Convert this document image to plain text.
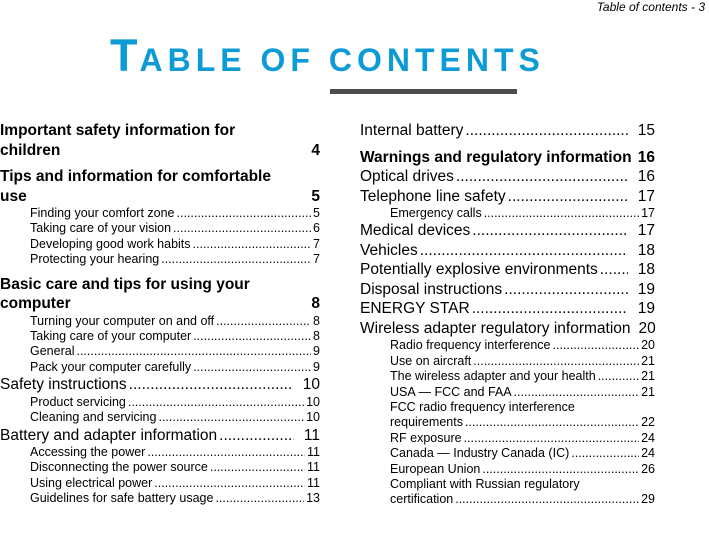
Table of contents - 3
TABLE OF CONTENTS
Important safety information for
children	4
Tips and information for comfortable
use	5
Finding your comfort zone .....	5
Taking care of your vision .....	6
Developing good work habits .....	7
Protecting your hearing .....	7
Basic care and tips for using your
computer	8
Turning your computer on and off .....	8
Taking care of your computer .....	8
General .....	9
Pack your computer carefully .....	9
Safety instructions .....	10
Product servicing .....	10
Cleaning and servicing .....	10
Battery and adapter information .....	11
Accessing the power .....	11
Disconnecting the power source .....	11
Using electrical power .....	11
Guidelines for safe battery usage .....	13
Internal battery .....	15
Warnings and regulatory information 16
Optical drives .....	16
Telephone line safety .....	17
Emergency calls .....	17
Medical devices .....	17
Vehicles .....	18
Potentially explosive environments .....	18
Disposal instructions .....	19
ENERGY STAR .....	19
Wireless adapter regulatory information 20
Radio frequency interference .....	20
Use on aircraft .....	21
The wireless adapter and your health .....	21
USA — FCC and FAA .....	21
FCC radio frequency interference
requirements .....	22
RF exposure .....	24
Canada — Industry Canada (IC) .....	24
European Union .....	26
Compliant with Russian regulatory
certification .....	29
